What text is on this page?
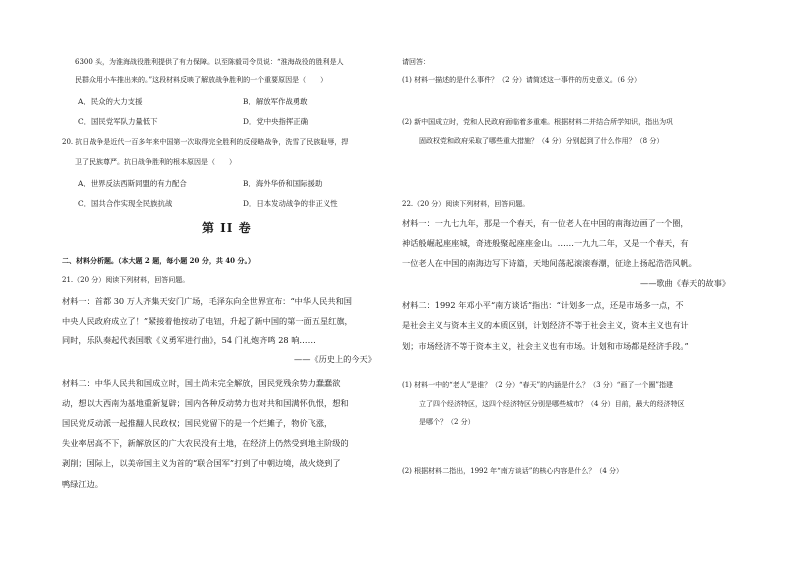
6300 头，为淮海战役胜利提供了有力保障。以至陈毅司令员说：“淮海战役的胜利是人
民群众用小车推出来的。”这段材料反映了解放战争胜利的一个重要原因是（　　）
A．民众的大力支援	B．解放军作战勇敢
C．国民党军队力量低下	D．党中央指挥正确
20. 抗日战争是近代一百多年来中国第一次取得完全胜利的反侵略战争，洗雪了民族耻辱，捍
卫了民族尊严。抗日战争胜利的根本原因是（　　）
A．世界反法西斯同盟的有力配合	B．海外华侨和国际援助
C．国共合作实现全民族抗战	D．日本发动战争的非正义性
第 II 卷
二、材料分析题。（本大题 2 题，每小题 20 分，共 40 分。）
21.（20 分）阅读下列材料，回答问题。
材料一：首都 30 万人齐集天安门广场，毛泽东向全世界宣布：“中华人民共和国
中央人民政府成立了！”紧接着他按动了电钮，升起了新中国的第一面五星红旗，
同时，乐队奏起代表国歌《义勇军进行曲》，54 门礼炮齐鸣 28 响……
——《历史上的今天》
材料二：中华人民共和国成立时，国土尚未完全解放，国民党残余势力蠢蠢欲
动，想以大西南为基地重新复辟；国内各种反动势力也对共和国满怀仇恨，想和
国民党反动派一起推翻人民政权；国民党留下的是一个烂摊子，物价飞涨，
失业率居高不下，新解放区的广大农民没有土地，在经济上仍然受到地主阶级的
剥削；国际上，以美帝国主义为首的“联合国军”打到了中朝边境，战火烧到了
鸭绿江边。
请回答：
(1) 材料一描述的是什么事件？（2 分）请简述这一事件的历史意义。（6 分）
(2) 新中国成立时，党和人民政府面临着多重难。根据材料二并结合所学知识，指出为巩
固政权党和政府采取了哪些重大措施？（4 分）分别起到了什么作用？（8 分）
22.（20 分）阅读下列材料，回答问题。
材料一：一九七九年，那是一个春天，有一位老人在中国的南海边画了一个圈，
神话般崛起座座城，奇迹般聚起座座金山。……一九九二年，又是一个春天，有
一位老人在中国的南海边写下诗篇，天地间荡起滚滚春潮，征途上扬起浩浩风帆。
——歌曲《春天的故事》
材料二：1992 年邓小平“南方谈话”指出：“计划多一点，还是市场多一点，不
是社会主义与资本主义的本质区别，计划经济不等于社会主义，资本主义也有计
划；市场经济不等于资本主义，社会主义也有市场。计划和市场都是经济手段。”
(1) 材料一中的“老人”是谁？（2 分）“春天”的内涵是什么？（3 分）“画了一个圈”指建
立了四个经济特区，这四个经济特区分别是哪些城市？（4 分）目前，最大的经济特区
是哪个？（2 分）
(2) 根据材料二指出，1992 年“南方谈话”的核心内容是什么？（4 分）
